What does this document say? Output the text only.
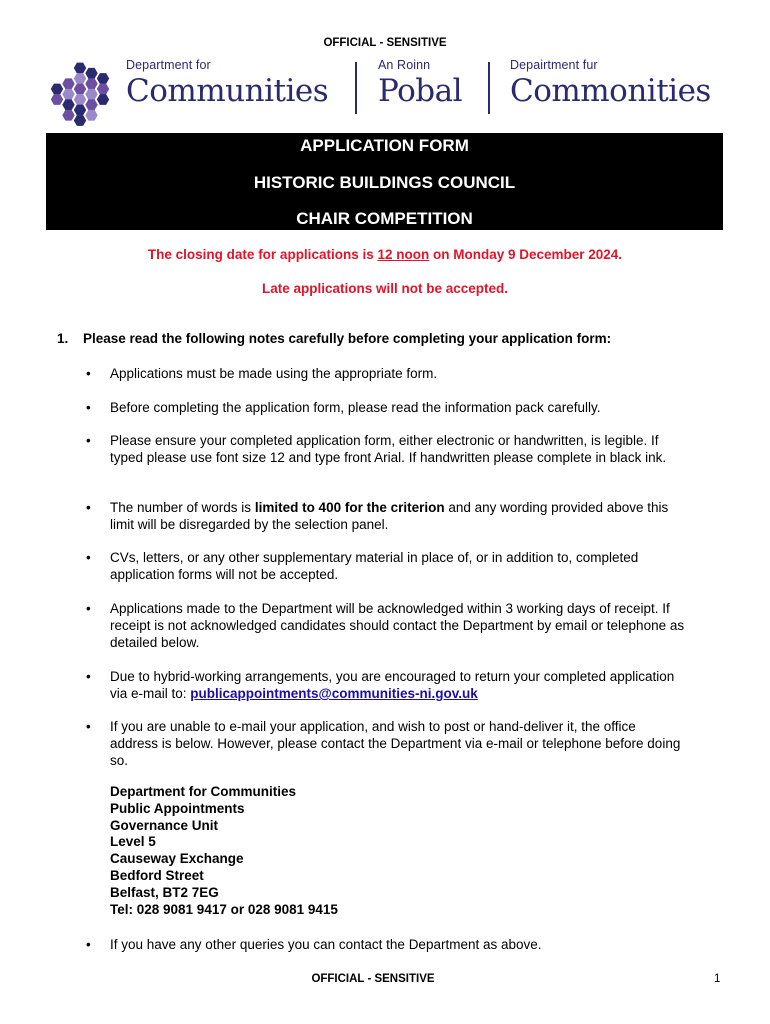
OFFICIAL - SENSITIVE
Department for
Communities
An Roinn
Pobal
Depairtment fur
Commonities
APPLICATION FORM
HISTORIC BUILDINGS COUNCIL
CHAIR COMPETITION
The closing date for applications is 12 noon on Monday 9 December 2024.
Late applications will not be accepted.
1. Please read the following notes carefully before completing your application form:
• Applications must be made using the appropriate form.
• Before completing the application form, please read the information pack carefully.
• Please ensure your completed application form, either electronic or handwritten, is legible. If typed please use font size 12 and type front Arial. If handwritten please complete in black ink.
• The number of words is limited to 400 for the criterion and any wording provided above this limit will be disregarded by the selection panel.
• CVs, letters, or any other supplementary material in place of, or in addition to, completed application forms will not be accepted.
• Applications made to the Department will be acknowledged within 3 working days of receipt. If receipt is not acknowledged candidates should contact the Department by email or telephone as detailed below.
• Due to hybrid-working arrangements, you are encouraged to return your completed application via e-mail to: publicappointments@communities-ni.gov.uk
• If you are unable to e-mail your application, and wish to post or hand-deliver it, the office address is below. However, please contact the Department via e-mail or telephone before doing so.
Department for Communities
Public Appointments
Governance Unit
Level 5
Causeway Exchange
Bedford Street
Belfast, BT2 7EG
Tel: 028 9081 9417 or 028 9081 9415
• If you have any other queries you can contact the Department as above.
OFFICIAL - SENSITIVE	1
